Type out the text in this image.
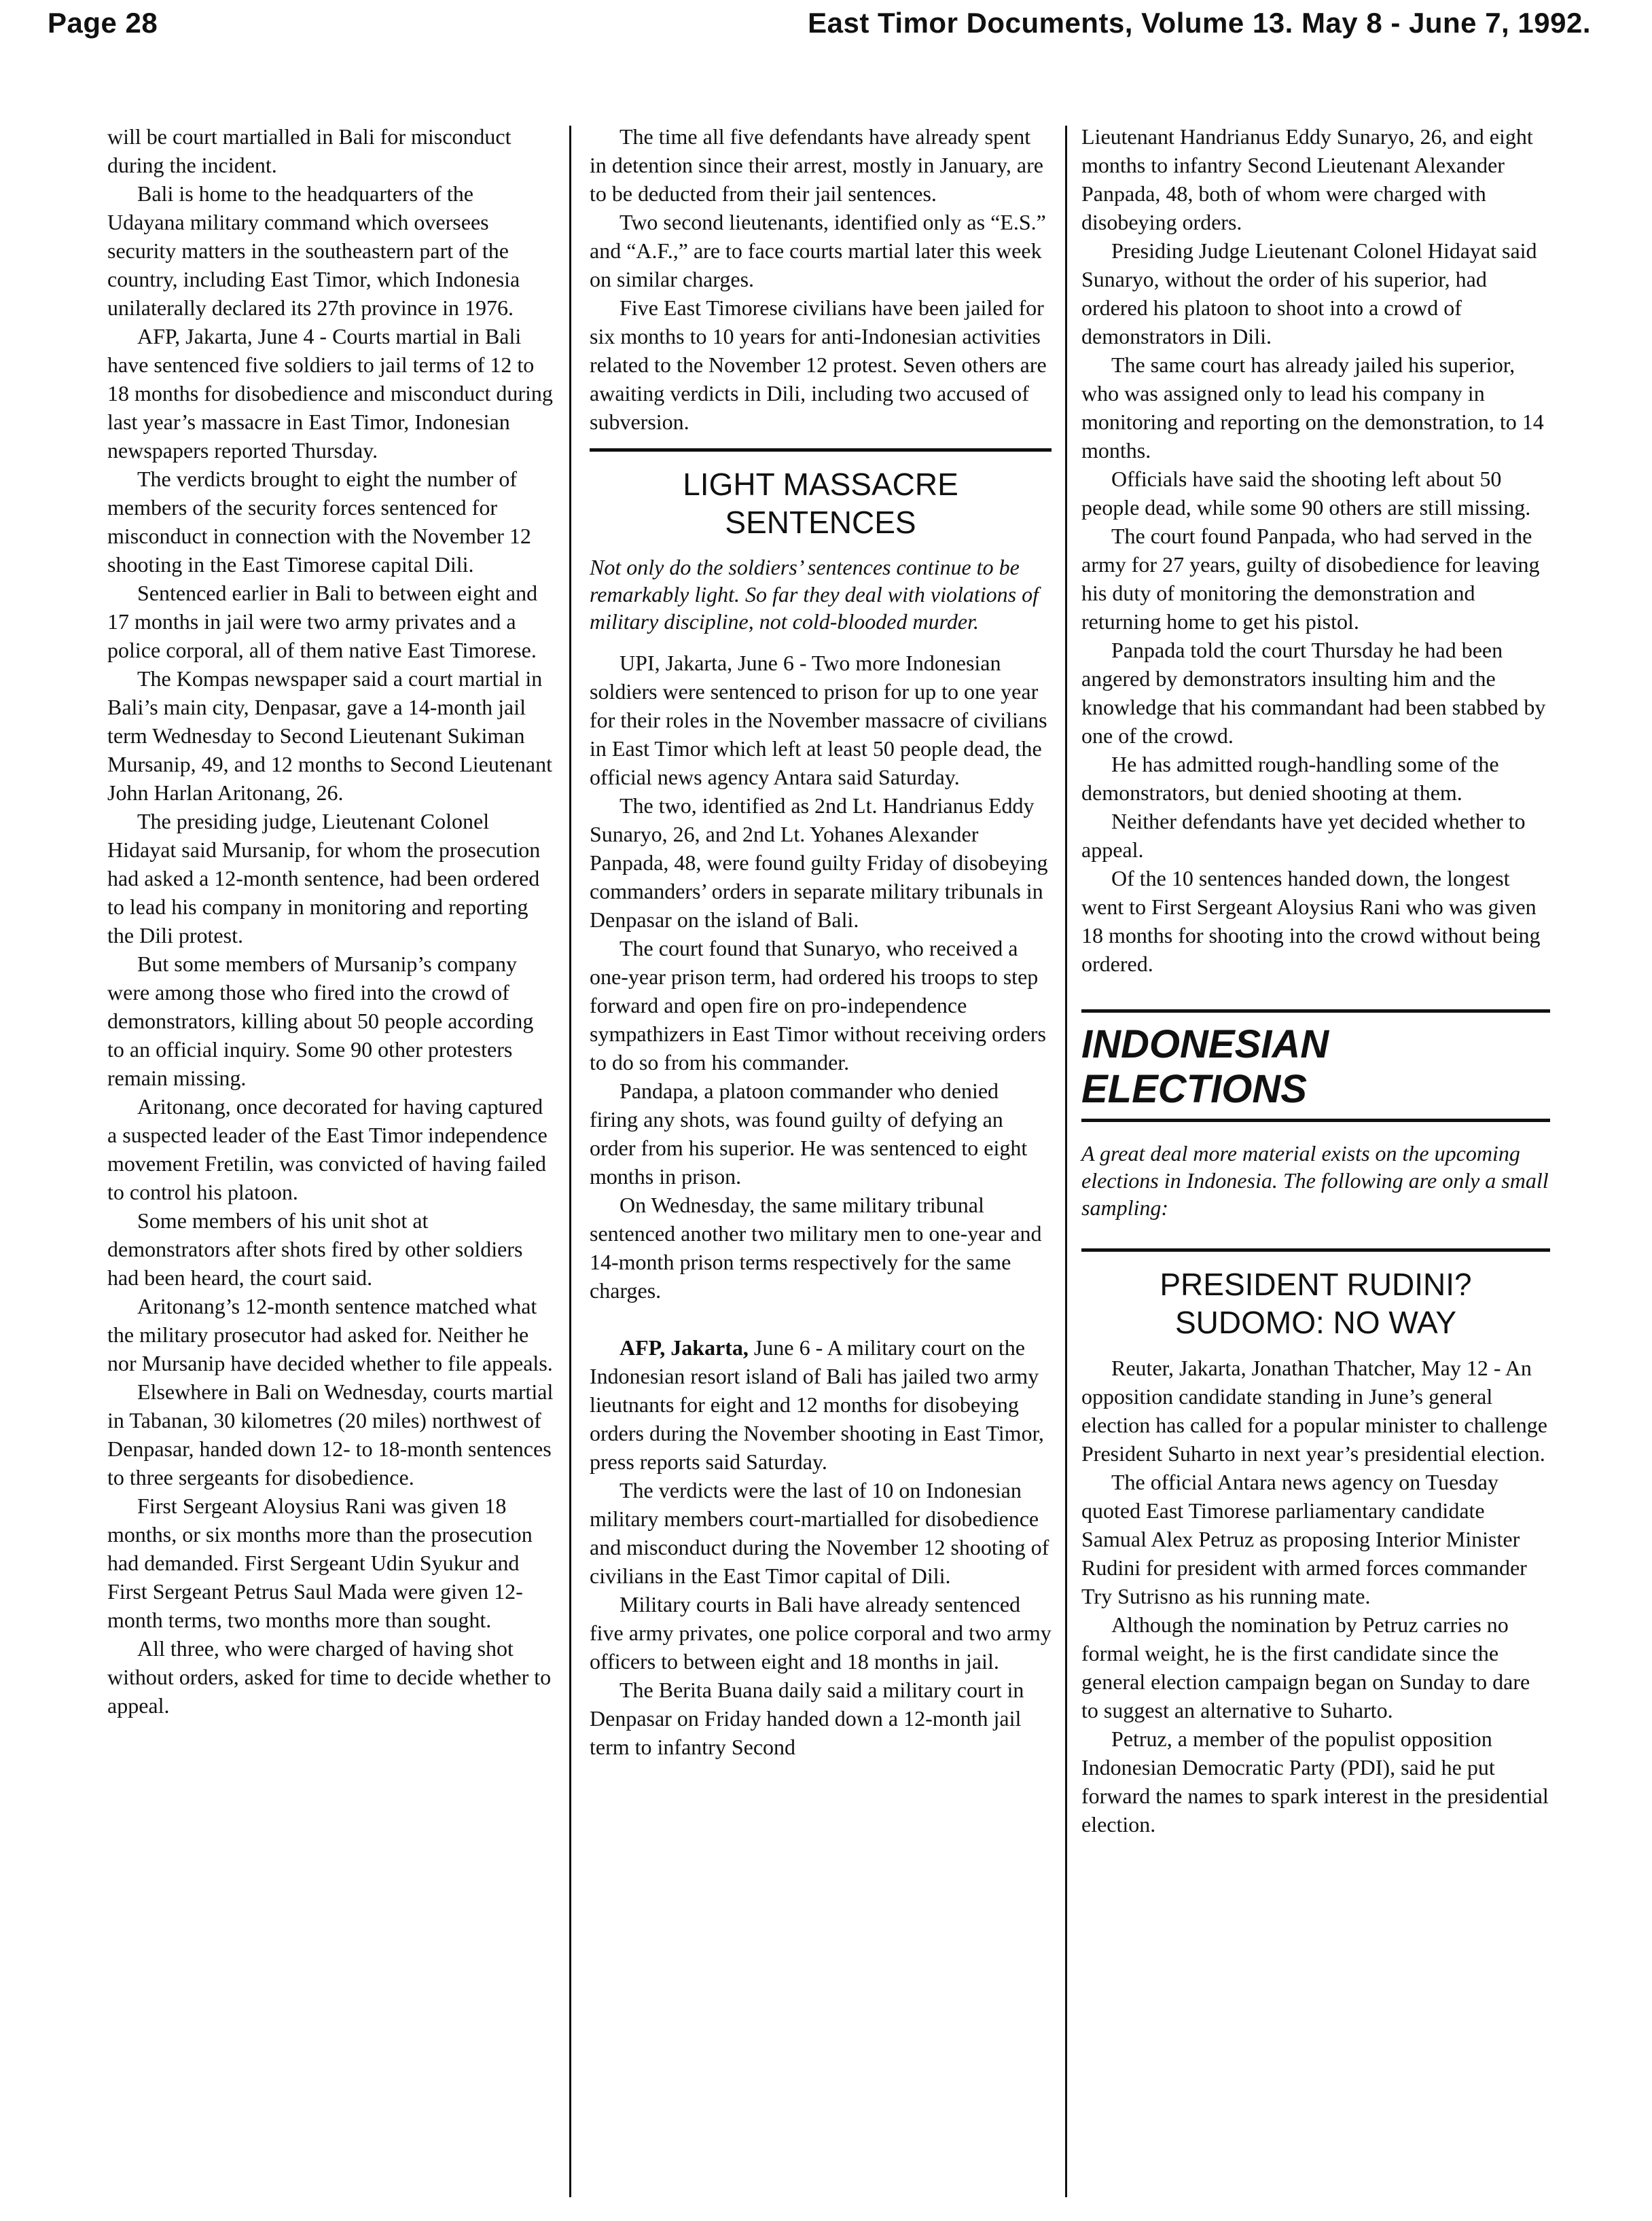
Page 28	East Timor Documents, Volume 13. May 8 - June 7, 1992.

will be court martialled in Bali for misconduct during the incident.

Bali is home to the headquarters of the Udayana military command which oversees security matters in the southeastern part of the country, including East Timor, which Indonesia unilaterally declared its 27th province in 1976.

AFP, Jakarta, June 4 - Courts martial in Bali have sentenced five soldiers to jail terms of 12 to 18 months for disobedience and misconduct during last year’s massacre in East Timor, Indonesian newspapers reported Thursday.

The verdicts brought to eight the number of members of the security forces sentenced for misconduct in connection with the November 12 shooting in the East Timorese capital Dili.

Sentenced earlier in Bali to between eight and 17 months in jail were two army privates and a police corporal, all of them native East Timorese.

The Kompas newspaper said a court martial in Bali’s main city, Denpasar, gave a 14-month jail term Wednesday to Second Lieutenant Sukiman Mursanip, 49, and 12 months to Second Lieutenant John Harlan Aritonang, 26.

The presiding judge, Lieutenant Colonel Hidayat said Mursanip, for whom the prosecution had asked a 12-month sentence, had been ordered to lead his company in monitoring and reporting the Dili protest.

But some members of Mursanip’s company were among those who fired into the crowd of demonstrators, killing about 50 people according to an official inquiry. Some 90 other protesters remain missing.

Aritonang, once decorated for having captured a suspected leader of the East Timor independence movement Fretilin, was convicted of having failed to control his platoon.

Some members of his unit shot at demonstrators after shots fired by other soldiers had been heard, the court said.

Aritonang’s 12-month sentence matched what the military prosecutor had asked for. Neither he nor Mursanip have decided whether to file appeals.

Elsewhere in Bali on Wednesday, courts martial in Tabanan, 30 kilometres (20 miles) northwest of Denpasar, handed down 12- to 18-month sentences to three sergeants for disobedience.

First Sergeant Aloysius Rani was given 18 months, or six months more than the prosecution had demanded. First Sergeant Udin Syukur and First Sergeant Petrus Saul Mada were given 12-month terms, two months more than sought.

All three, who were charged of having shot without orders, asked for time to decide whether to appeal.

The time all five defendants have already spent in detention since their arrest, mostly in January, are to be deducted from their jail sentences.

Two second lieutenants, identified only as “E.S.” and “A.F.,” are to face courts martial later this week on similar charges.

Five East Timorese civilians have been jailed for six months to 10 years for anti-Indonesian activities related to the November 12 protest. Seven others are awaiting verdicts in Dili, including two accused of subversion.

LIGHT MASSACRE SENTENCES

Not only do the soldiers’ sentences continue to be remarkably light. So far they deal with violations of military discipline, not cold-blooded murder.

UPI, Jakarta, June 6 - Two more Indonesian soldiers were sentenced to prison for up to one year for their roles in the November massacre of civilians in East Timor which left at least 50 people dead, the official news agency Antara said Saturday.

The two, identified as 2nd Lt. Handrianus Eddy Sunaryo, 26, and 2nd Lt. Yohanes Alexander Panpada, 48, were found guilty Friday of disobeying commanders’ orders in separate military tribunals in Denpasar on the island of Bali.

The court found that Sunaryo, who received a one-year prison term, had ordered his troops to step forward and open fire on pro-independence sympathizers in East Timor without receiving orders to do so from his commander.

Pandapa, a platoon commander who denied firing any shots, was found guilty of defying an order from his superior. He was sentenced to eight months in prison.

On Wednesday, the same military tribunal sentenced another two military men to one-year and 14-month prison terms respectively for the same charges.

AFP, Jakarta, June 6 - A military court on the Indonesian resort island of Bali has jailed two army lieutnants for eight and 12 months for disobeying orders during the November shooting in East Timor, press reports said Saturday.

The verdicts were the last of 10 on Indonesian military members court-martialled for disobedience and misconduct during the November 12 shooting of civilians in the East Timor capital of Dili.

Military courts in Bali have already sentenced five army privates, one police corporal and two army officers to between eight and 18 months in jail.

The Berita Buana daily said a military court in Denpasar on Friday handed down a 12-month jail term to infantry Second

Lieutenant Handrianus Eddy Sunaryo, 26, and eight months to infantry Second Lieutenant Alexander Panpada, 48, both of whom were charged with disobeying orders.

Presiding Judge Lieutenant Colonel Hidayat said Sunaryo, without the order of his superior, had ordered his platoon to shoot into a crowd of demonstrators in Dili.

The same court has already jailed his superior, who was assigned only to lead his company in monitoring and reporting on the demonstration, to 14 months.

Officials have said the shooting left about 50 people dead, while some 90 others are still missing.

The court found Panpada, who had served in the army for 27 years, guilty of disobedience for leaving his duty of monitoring the demonstration and returning home to get his pistol.

Panpada told the court Thursday he had been angered by demonstrators insulting him and the knowledge that his commandant had been stabbed by one of the crowd.

He has admitted rough-handling some of the demonstrators, but denied shooting at them.

Neither defendants have yet decided whether to appeal.

Of the 10 sentences handed down, the longest went to First Sergeant Aloysius Rani who was given 18 months for shooting into the crowd without being ordered.

INDONESIAN ELECTIONS

A great deal more material exists on the upcoming elections in Indonesia. The following are only a small sampling:

PRESIDENT RUDINI? SUDOMO: NO WAY

Reuter, Jakarta, Jonathan Thatcher, May 12 - An opposition candidate standing in June’s general election has called for a popular minister to challenge President Suharto in next year’s presidential election.

The official Antara news agency on Tuesday quoted East Timorese parliamentary candidate Samual Alex Petruz as proposing Interior Minister Rudini for president with armed forces commander Try Sutrisno as his running mate.

Although the nomination by Petruz carries no formal weight, he is the first candidate since the general election campaign began on Sunday to dare to suggest an alternative to Suharto.

Petruz, a member of the populist opposition Indonesian Democratic Party (PDI), said he put forward the names to spark interest in the presidential election.
